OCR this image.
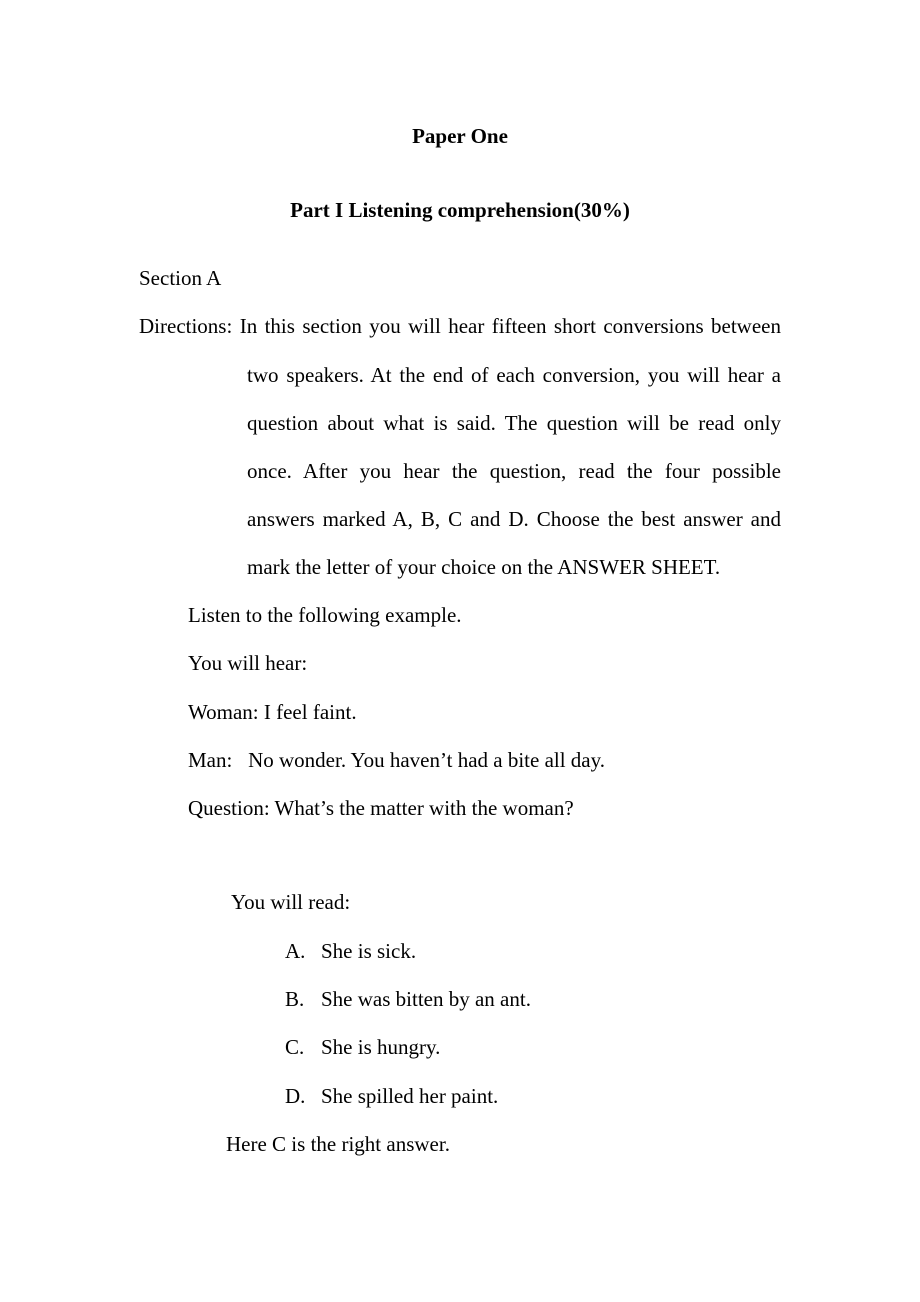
Paper One

Part I Listening comprehension(30%)

Section A

Directions: In this section you will hear fifteen short conversions between

two speakers. At the end of each conversion, you will hear a

question about what is said. The question will be read only

once. After you hear the question, read the four possible

answers marked A, B, C and D. Choose the best answer and

mark the letter of your choice on the ANSWER SHEET.

Listen to the following example.

You will hear:

Woman: I feel faint.

Man:   No wonder. You haven’t had a bite all day.

Question: What’s the matter with the woman?

You will read:

A. She is sick.

B. She was bitten by an ant.

C. She is hungry.

D. She spilled her paint.

Here C is the right answer.
